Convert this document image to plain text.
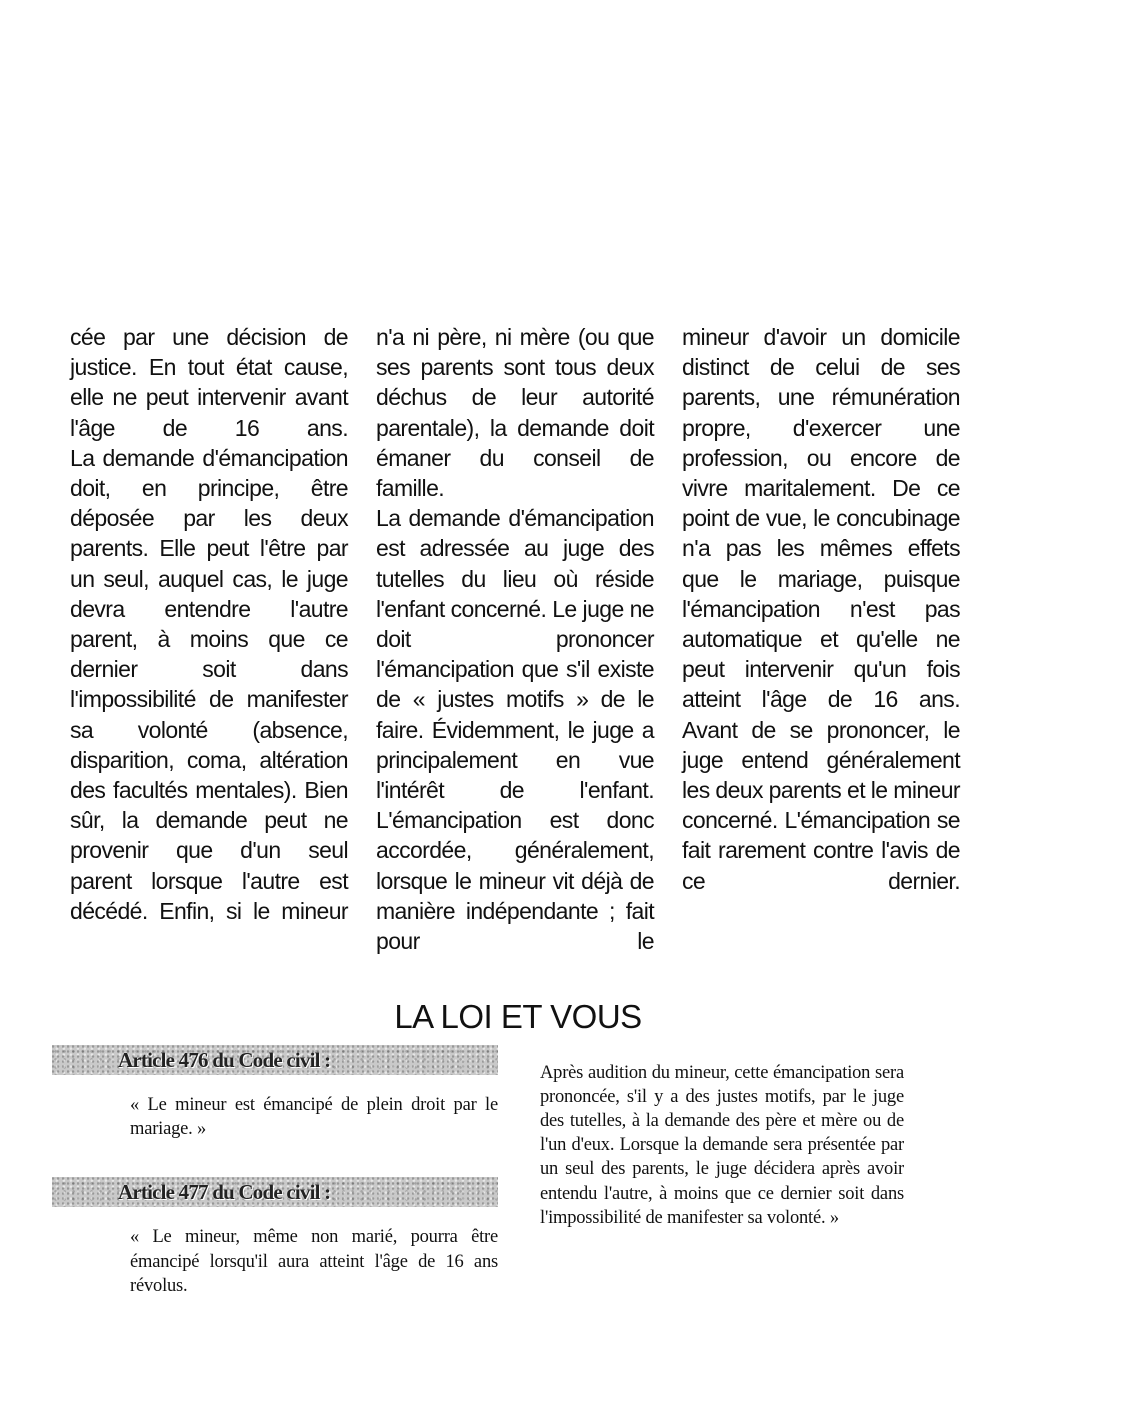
cée par une décision de justice. En tout état cause, elle ne peut intervenir avant l'âge de 16 ans.

La demande d'émancipation doit, en principe, être déposée par les deux parents. Elle peut l'être par un seul, auquel cas, le juge devra entendre l'autre parent, à moins que ce dernier soit dans l'impossibilité de manifester sa volonté (absence, disparition, coma, altération des facultés mentales). Bien sûr, la demande peut ne provenir que d'un seul parent lorsque l'autre est décédé. Enfin, si le mineur

n'a ni père, ni mère (ou que ses parents sont tous deux déchus de leur autorité parentale), la demande doit émaner du conseil de famille.

La demande d'émancipation est adressée au juge des tutelles du lieu où réside l'enfant concerné. Le juge ne doit prononcer l'émancipation que s'il existe de « justes motifs » de le faire. Évidemment, le juge a principalement en vue l'intérêt de l'enfant. L'émancipation est donc accordée, généralement, lorsque le mineur vit déjà de manière indépendante ; fait pour le

mineur d'avoir un domicile distinct de celui de ses parents, une rémunération propre, d'exercer une profession, ou encore de vivre maritalement. De ce point de vue, le concubinage n'a pas les mêmes effets que le mariage, puisque l'émancipation n'est pas automatique et qu'elle ne peut intervenir qu'un fois atteint l'âge de 16 ans.

Avant de se prononcer, le juge entend généralement les deux parents et le mineur concerné. L'émancipation se fait rarement contre l'avis de ce dernier.

LA LOI ET VOUS
Article 476 du Code civil :

« Le mineur est émancipé de plein droit par le mariage. »

Article 477 du Code civil :

« Le mineur, même non marié, pourra être émancipé lorsqu'il aura atteint l'âge de 16 ans révolus.

Après audition du mineur, cette émancipation sera prononcée, s'il y a des justes motifs, par le juge des tutelles, à la demande des père et mère ou de l'un d'eux. Lorsque la demande sera présentée par un seul des parents, le juge décidera après avoir entendu l'autre, à moins que ce dernier soit dans l'impossibilité de manifester sa volonté. »
